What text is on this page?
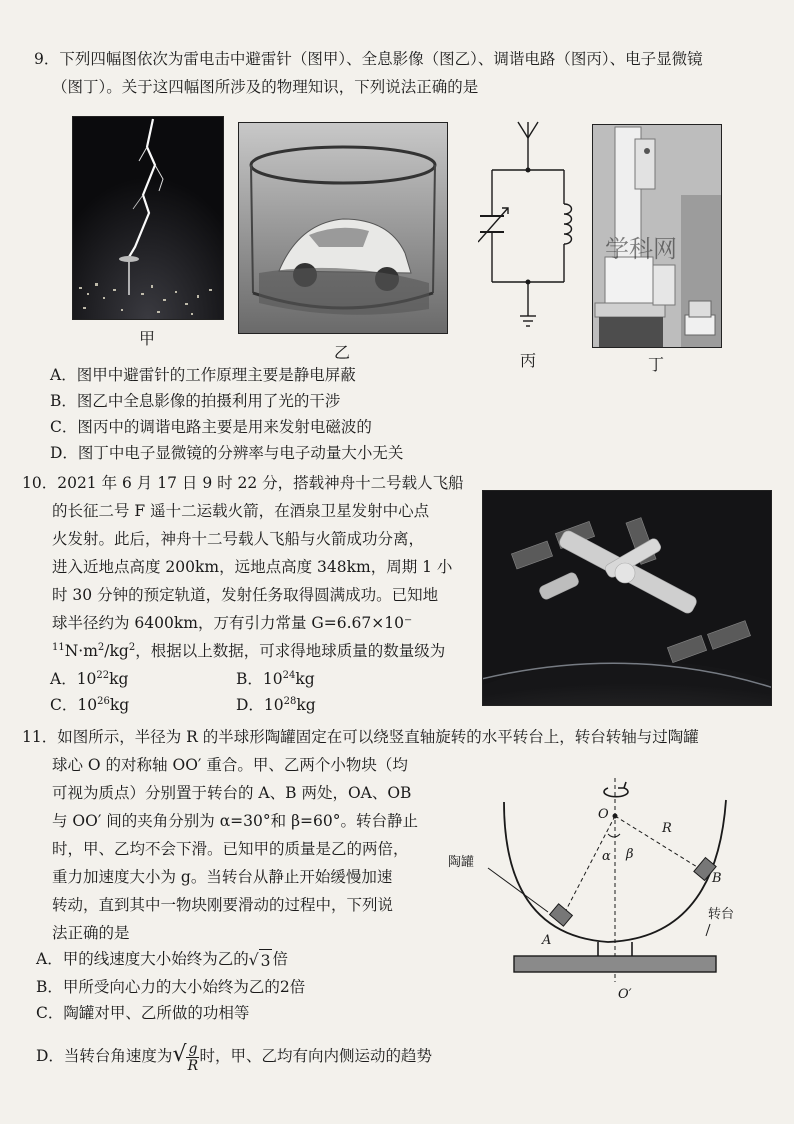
9．下列四幅图依次为雷电击中避雷针（图甲）、全息影像（图乙）、调谐电路（图丙）、电子显微镜
（图丁）。关于这四幅图所涉及的物理知识，下列说法正确的是
甲
乙	丙
学科网
丁
A．图甲中避雷针的工作原理主要是静电屏蔽
B．图乙中全息影像的拍摄利用了光的干涉
C．图丙中的调谐电路主要是用来发射电磁波的
D．图丁中电子显微镜的分辨率与电子动量大小无关
10．2021 年 6 月 17 日 9 时 22 分，搭载神舟十二号载人飞船
的长征二号 F 遥十二运载火箭，在酒泉卫星发射中心点
火发射。此后，神舟十二号载人飞船与火箭成功分离，
进入近地点高度 200km，远地点高度 348km，周期 1 小
时 30 分钟的预定轨道，发射任务取得圆满成功。已知地
球半径约为 6400km，万有引力常量 G=6.67×10⁻
$^{11}N\cdot m^2/kg^2$，根据以上数据，可求得地球质量的数量级为
A．$10^{22}kg$	B．$10^{24}kg$
C．$10^{26}kg$	D．$10^{28}kg$
11．如图所示，半径为 R 的半球形陶罐固定在可以绕竖直轴旋转的水平转台上，转台转轴与过陶罐
球心 O 的对称轴 OO′ 重合。甲、乙两个小物块（均
可视为质点）分别置于转台的 A、B 两处，OA、OB
与 OO′ 间的夹角分别为 α=30°和 β=60°。转台静止
时，甲、乙均不会下滑。已知甲的质量是乙的两倍，
重力加速度大小为 g。当转台从静止开始缓慢加速
转动，直到其中一物块刚要滑动的过程中，下列说
法正确的是
A．甲的线速度大小始终为乙的√ 3 倍
B．甲所受向心力的大小始终为乙的2倍
C．陶罐对甲、乙所做的功相等
D．当转台角速度为√ $\frac{g}{R}$ 时，甲、乙均有向内侧运动的趋势
O
O′
R
A
B
α β
陶罐
转台
